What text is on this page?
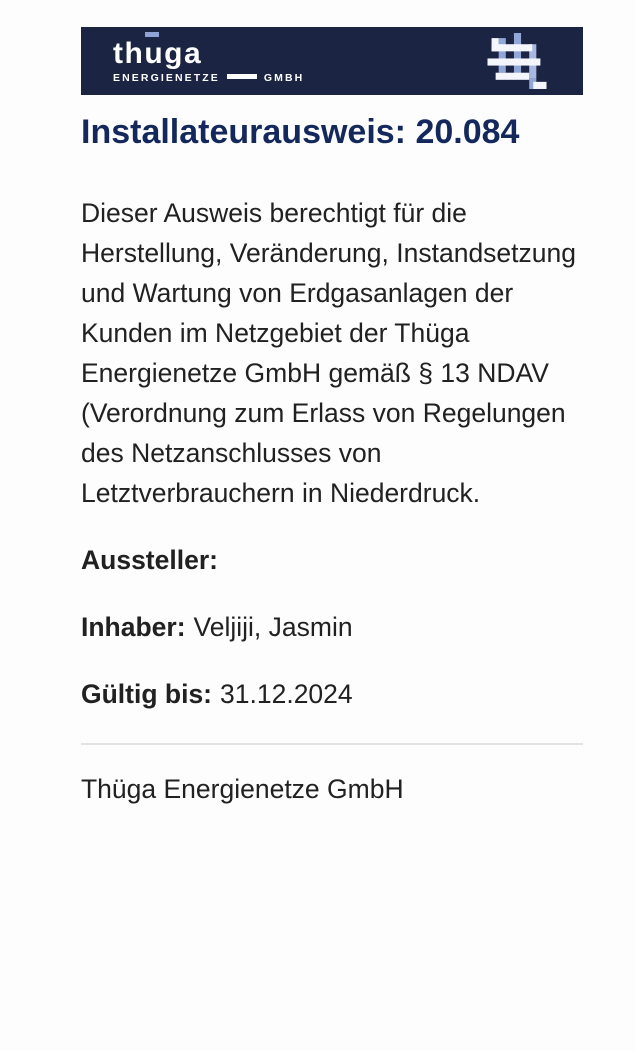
th
uga
ENERGIENETZE	GMBH
Installateurausweis: 20.084

Dieser Ausweis berechtigt für die Herstellung, Veränderung, Instandsetzung und Wartung von Erdgasanlagen der Kunden im Netzgebiet der Thüga Energienetze GmbH gemäß § 13 NDAV (Verordnung zum Erlass von Regelungen des Netzanschlusses von Letztverbrauchern in Niederdruck.

Aussteller:

Inhaber: Veljiji, Jasmin

Gültig bis: 31.12.2024

Thüga Energienetze GmbH
